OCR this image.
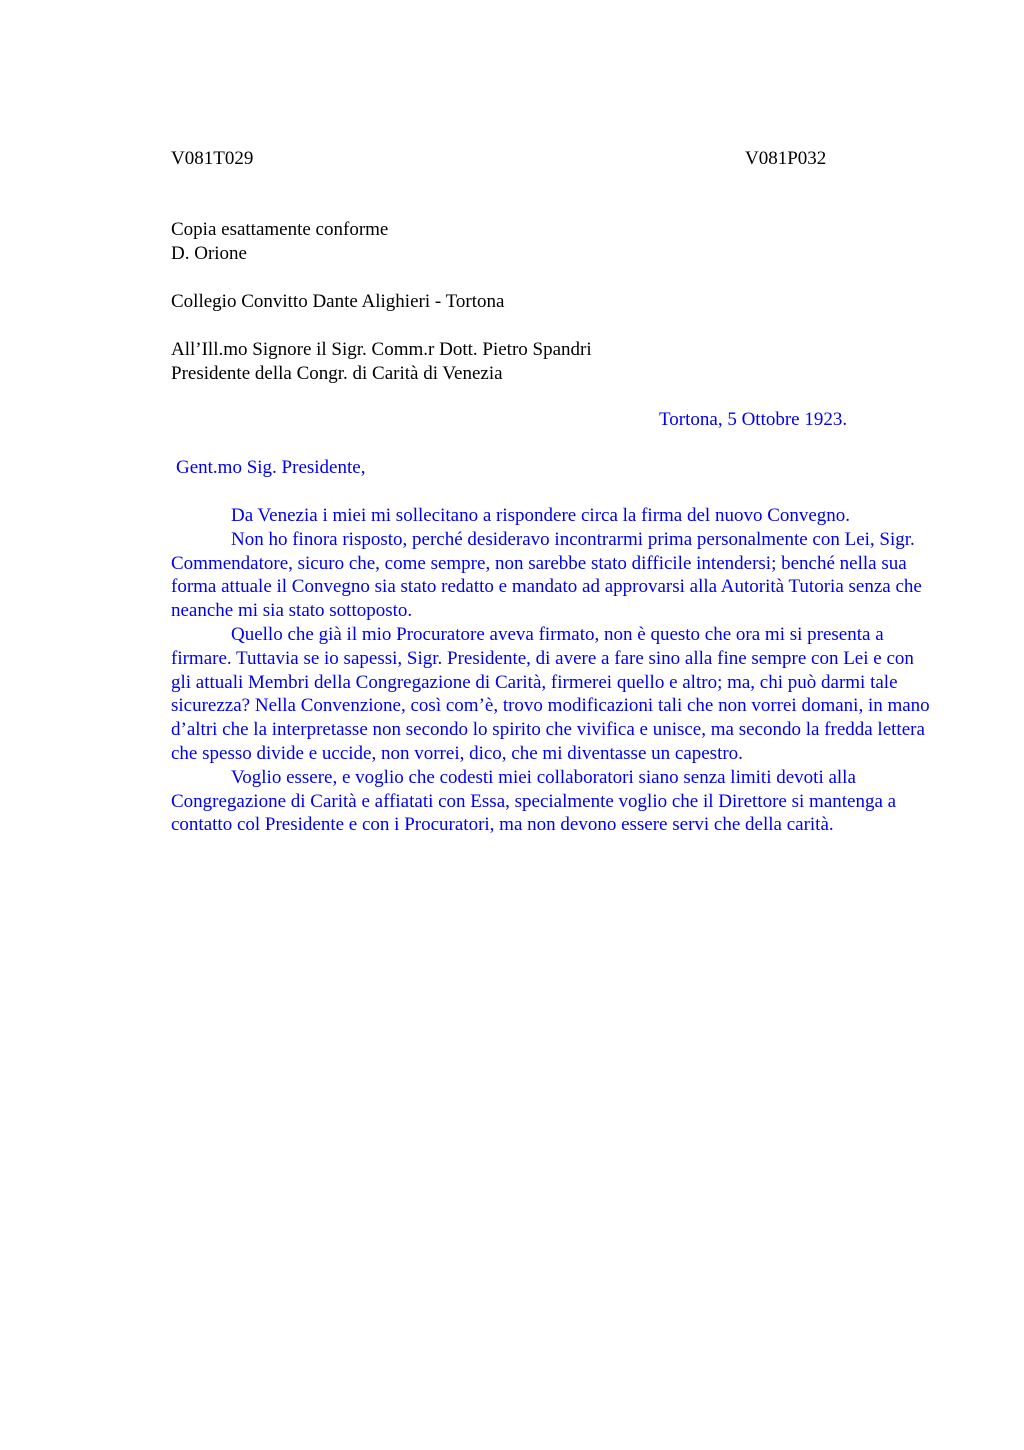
V081T029	V081P032
Copia esattamente conforme
D. Orione
Collegio Convitto Dante Alighieri - Tortona
All’Ill.mo Signore il Sigr. Comm.r Dott. Pietro Spandri
Presidente della Congr. di Carità di Venezia
Tortona, 5 Ottobre 1923.
Gent.mo Sig. Presidente,

Da Venezia i miei mi sollecitano a rispondere circa la firma del nuovo Convegno.

Non ho finora risposto, perché desideravo incontrarmi prima personalmente con Lei, Sigr. Commendatore, sicuro che, come sempre, non sarebbe stato difficile intendersi; benché nella sua forma attuale il Convegno sia stato redatto e mandato ad approvarsi alla Autorità Tutoria senza che neanche mi sia stato sottoposto.

Quello che già il mio Procuratore aveva firmato, non è questo che ora mi si presenta a firmare. Tuttavia se io sapessi, Sigr. Presidente, di avere a fare sino alla fine sempre con Lei e con gli attuali Membri della Congregazione di Carità, firmerei quello e altro; ma, chi può darmi tale sicurezza? Nella Convenzione, così com’è, trovo modificazioni tali che non vorrei domani, in mano d’altri che la interpretasse non secondo lo spirito che vivifica e unisce, ma secondo la fredda lettera che spesso divide e uccide, non vorrei, dico, che mi diventasse un capestro.

Voglio essere, e voglio che codesti miei collaboratori siano senza limiti devoti alla Congregazione di Carità e affiatati con Essa, specialmente voglio che il Direttore si mantenga a contatto col Presidente e con i Procuratori, ma non devono essere servi che della carità.
